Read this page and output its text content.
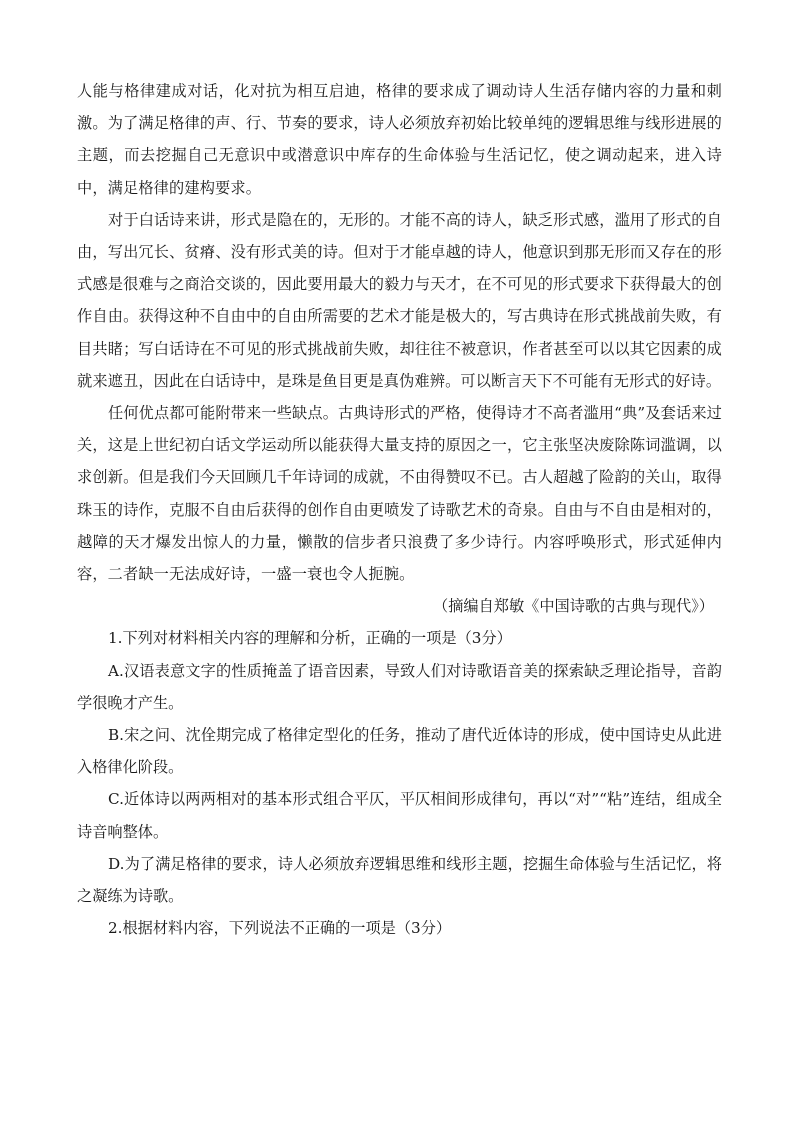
人能与格律建成对话，化对抗为相互启迪，格律的要求成了调动诗人生活存储内容的力量和刺激。为了满足格律的声、行、节奏的要求，诗人必须放弃初始比较单纯的逻辑思维与线形进展的主题，而去挖掘自己无意识中或潜意识中库存的生命体验与生活记忆，使之调动起来，进入诗中，满足格律的建构要求。

对于白话诗来讲，形式是隐在的，无形的。才能不高的诗人，缺乏形式感，滥用了形式的自由，写出冗长、贫瘠、没有形式美的诗。但对于才能卓越的诗人，他意识到那无形而又存在的形式感是很难与之商洽交谈的，因此要用最大的毅力与天才，在不可见的形式要求下获得最大的创作自由。获得这种不自由中的自由所需要的艺术才能是极大的，写古典诗在形式挑战前失败，有目共睹；写白话诗在不可见的形式挑战前失败，却往往不被意识，作者甚至可以以其它因素的成就来遮丑，因此在白话诗中，是珠是鱼目更是真伪难辨。可以断言天下不可能有无形式的好诗。

任何优点都可能附带来一些缺点。古典诗形式的严格，使得诗才不高者滥用“典”及套话来过关，这是上世纪初白话文学运动所以能获得大量支持的原因之一，它主张坚决废除陈词滥调，以求创新。但是我们今天回顾几千年诗词的成就，不由得赞叹不已。古人超越了险韵的关山，取得珠玉的诗作，克服不自由后获得的创作自由更喷发了诗歌艺术的奇泉。自由与不自由是相对的，越障的天才爆发出惊人的力量，懒散的信步者只浪费了多少诗行。内容呼唤形式，形式延伸内容，二者缺一无法成好诗，一盛一衰也令人扼腕。

（摘编自郑敏《中国诗歌的古典与现代》）

1.下列对材料相关内容的理解和分析，正确的一项是（3分）

A.汉语表意文字的性质掩盖了语音因素，导致人们对诗歌语音美的探索缺乏理论指导，音韵学很晚才产生。

B.宋之问、沈佺期完成了格律定型化的任务，推动了唐代近体诗的形成，使中国诗史从此进入格律化阶段。

C.近体诗以两两相对的基本形式组合平仄，平仄相间形成律句，再以“对”“粘”连结，组成全诗音响整体。

D.为了满足格律的要求，诗人必须放弃逻辑思维和线形主题，挖掘生命体验与生活记忆，将之凝练为诗歌。

2.根据材料内容，下列说法不正确的一项是（3分）
